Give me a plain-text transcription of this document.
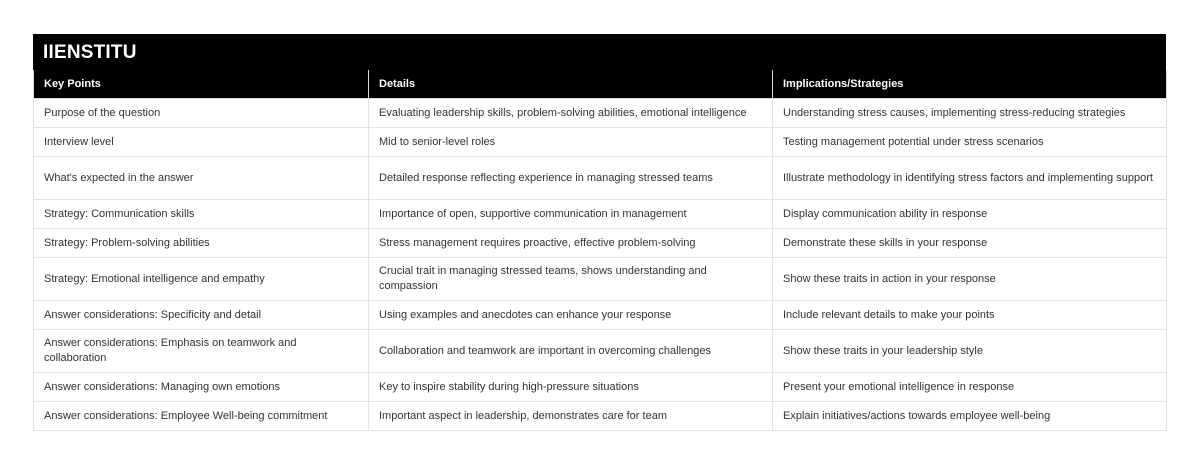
IIENSTITU
Key Points	Details	Implications/Strategies
Purpose of the question	Evaluating leadership skills, problem-solving abilities, emotional intelligence	Understanding stress causes, implementing stress-reducing strategies
Interview level	Mid to senior-level roles	Testing management potential under stress scenarios
What's expected in the answer	Detailed response reflecting experience in managing stressed teams	Illustrate methodology in identifying stress factors and implementing support
Strategy: Communication skills	Importance of open, supportive communication in management	Display communication ability in response
Strategy: Problem-solving abilities	Stress management requires proactive, effective problem-solving	Demonstrate these skills in your response
Strategy: Emotional intelligence and empathy	Crucial trait in managing stressed teams, shows understanding and compassion	Show these traits in action in your response
Answer considerations: Specificity and detail	Using examples and anecdotes can enhance your response	Include relevant details to make your points
Answer considerations: Emphasis on teamwork and collaboration	Collaboration and teamwork are important in overcoming challenges	Show these traits in your leadership style
Answer considerations: Managing own emotions	Key to inspire stability during high-pressure situations	Present your emotional intelligence in response
Answer considerations: Employee Well-being commitment	Important aspect in leadership, demonstrates care for team	Explain initiatives/actions towards employee well-being
